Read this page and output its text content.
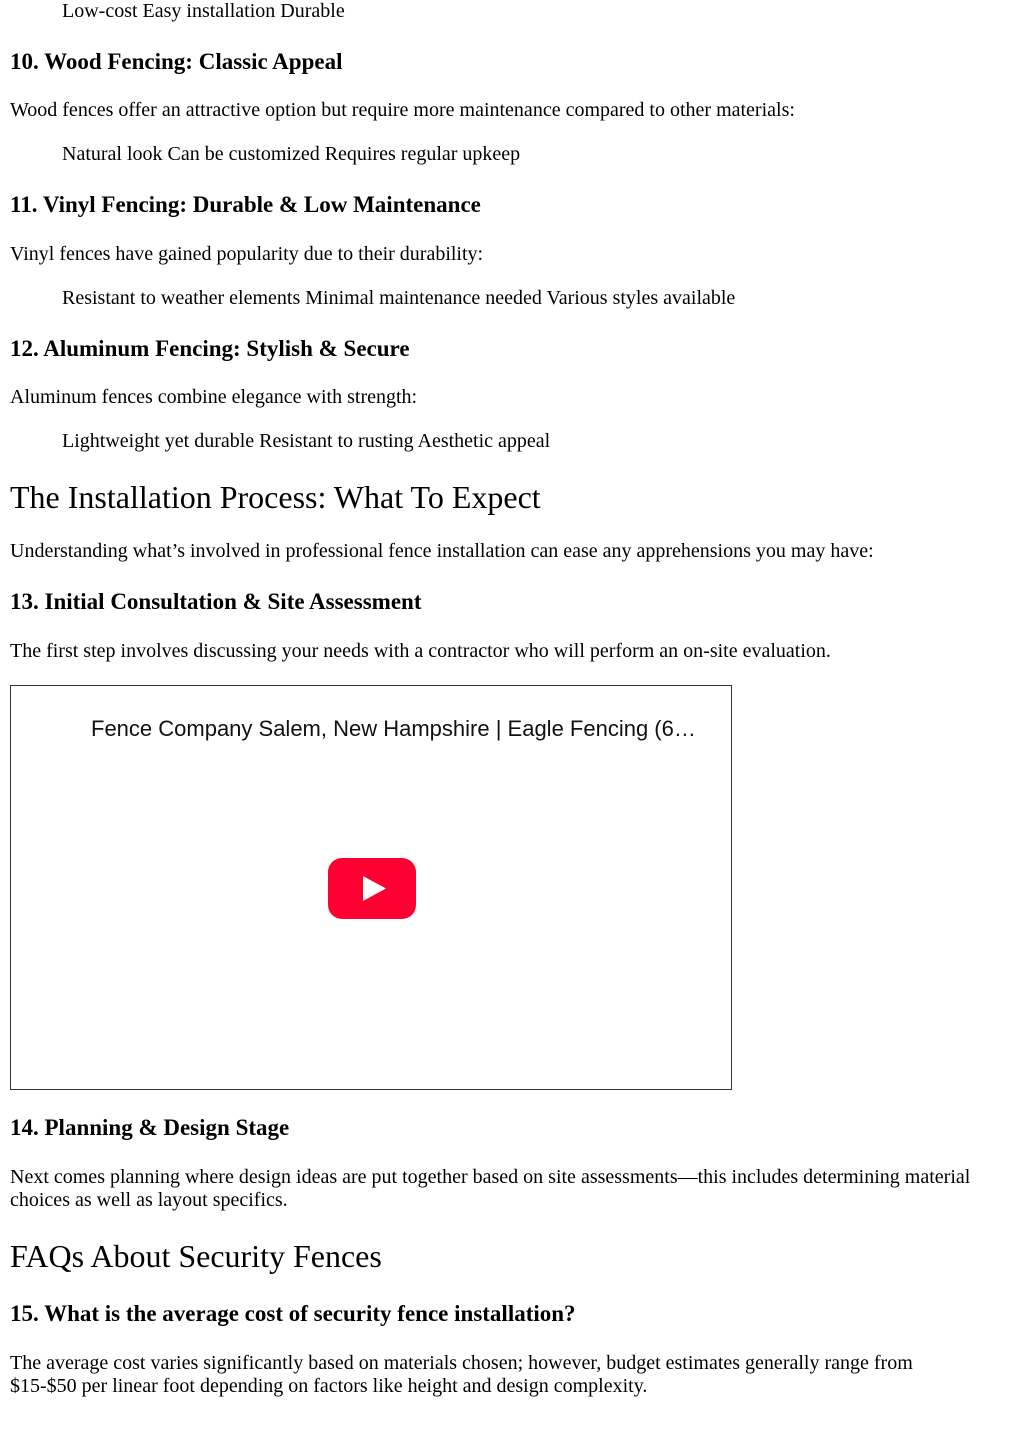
Low-cost Easy installation Durable

10. Wood Fencing: Classic Appeal

Wood fences offer an attractive option but require more maintenance compared to other materials:

Natural look Can be customized Requires regular upkeep

11. Vinyl Fencing: Durable & Low Maintenance

Vinyl fences have gained popularity due to their durability:

Resistant to weather elements Minimal maintenance needed Various styles available

12. Aluminum Fencing: Stylish & Secure

Aluminum fences combine elegance with strength:

Lightweight yet durable Resistant to rusting Aesthetic appeal

The Installation Process: What To Expect

Understanding what’s involved in professional fence installation can ease any apprehensions you may have:

13. Initial Consultation & Site Assessment

The first step involves discussing your needs with a contractor who will perform an on-site evaluation.

Fence Company Salem, New Hampshire | Eagle Fencing (6…
14. Planning & Design Stage

Next comes planning where design ideas are put together based on site assessments—this includes determining material choices as well as layout specifics.

FAQs About Security Fences
15. What is the average cost of security fence installation?

The average cost varies significantly based on materials chosen; however, budget estimates generally range from $15-$50 per linear foot depending on factors like height and design complexity.
